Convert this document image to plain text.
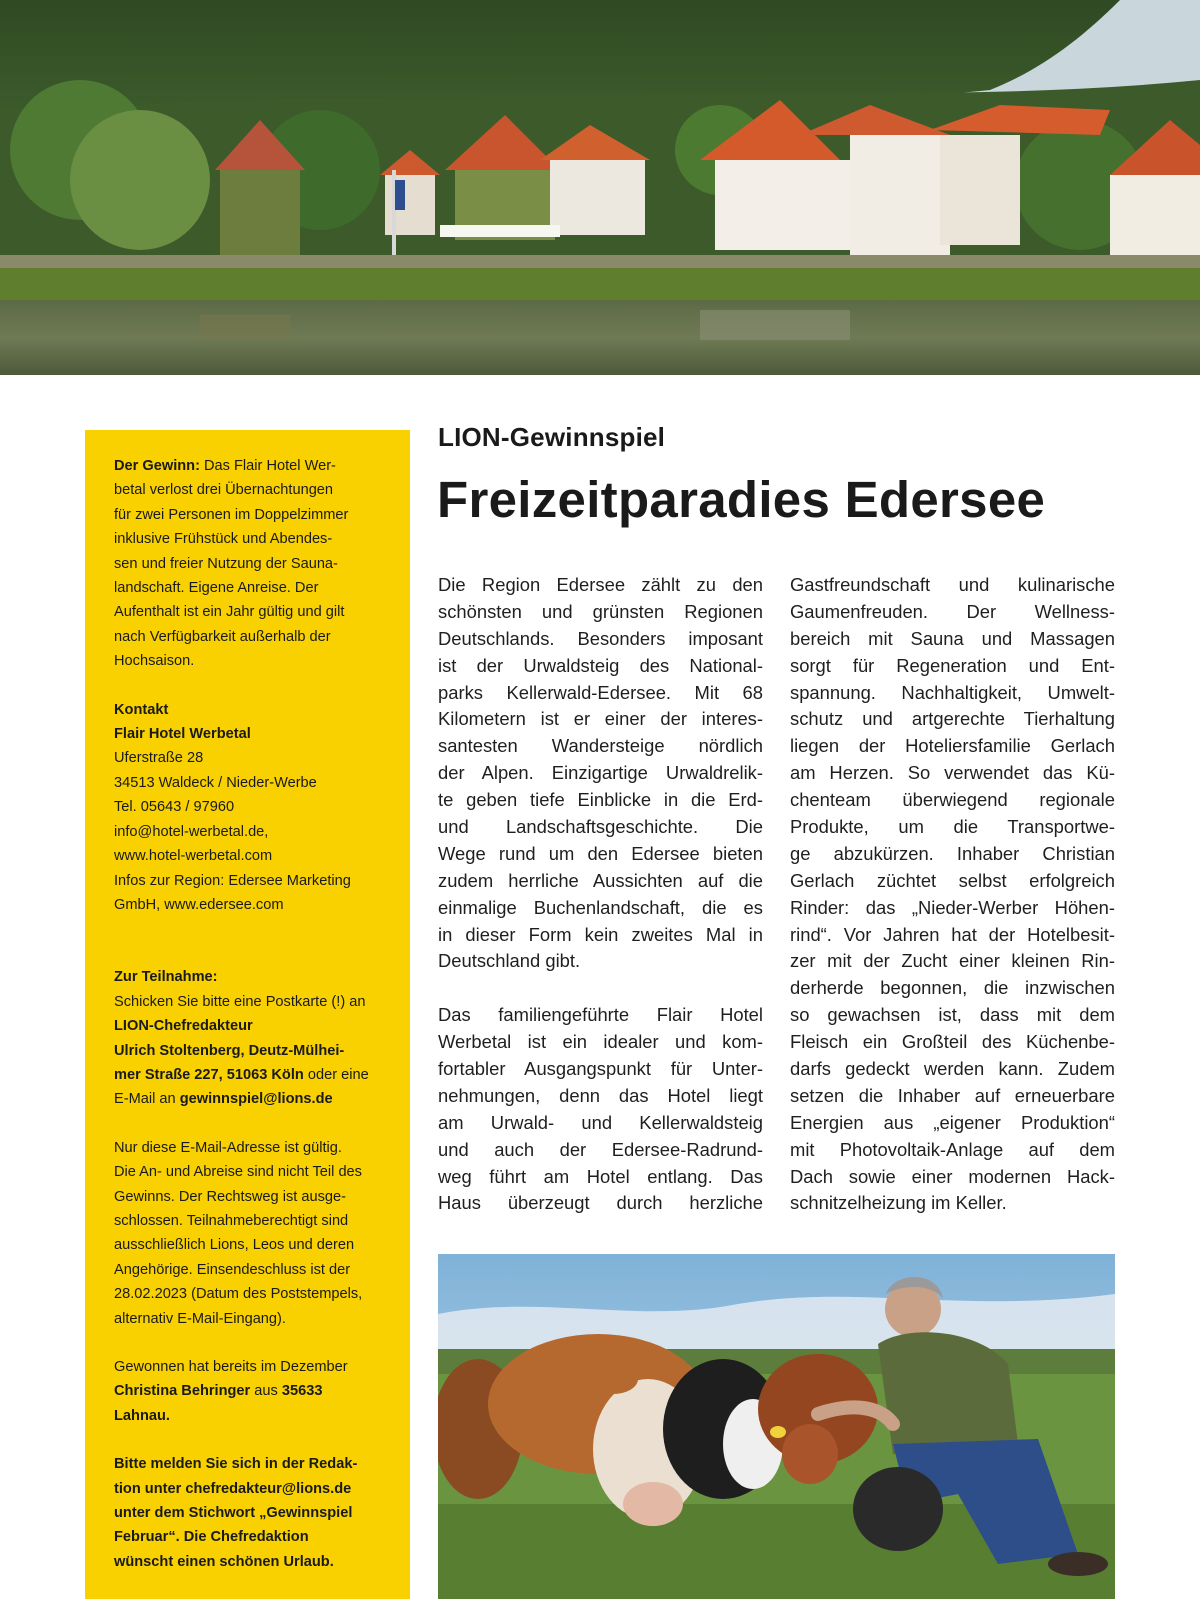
Der Gewinn: Das Flair Hotel Wer-
betal verlost drei Übernachtungen
für zwei Personen im Doppelzimmer
inklusive Frühstück und Abendes-
sen und freier Nutzung der Sauna-
landschaft. Eigene Anreise. Der
Aufenthalt ist ein Jahr gültig und gilt
nach Verfügbarkeit außerhalb der
Hochsaison.

Kontakt
Flair Hotel Werbetal
Uferstraße 28
34513 Waldeck / Nieder-Werbe
Tel. 05643 / 97960
info@hotel-werbetal.de,
www.hotel-werbetal.com
Infos zur Region: Edersee Marketing
GmbH, www.edersee.com

Zur Teilnahme:
Schicken Sie bitte eine Postkarte (!) an
LION-Chefredakteur
Ulrich Stoltenberg, Deutz-Mülhei-
mer Straße 227, 51063 Köln oder eine
E-Mail an gewinnspiel@lions.de

Nur diese E-Mail-Adresse ist gültig.
Die An- und Abreise sind nicht Teil des
Gewinns. Der Rechtsweg ist ausge-
schlossen. Teilnahmeberechtigt sind
ausschließlich Lions, Leos und deren
Angehörige. Einsendeschluss ist der
28.02.2023 (Datum des Poststempels,
alternativ E-Mail-Eingang).

Gewonnen hat bereits im Dezember
Christina Behringer aus 35633
Lahnau.

Bitte melden Sie sich in der Redak-
tion unter chefredakteur@lions.de
unter dem Stichwort „Gewinnspiel
Februar“. Die Chefredaktion
wünscht einen schönen Urlaub.

LION-Gewinnspiel
Freizeitparadies Edersee
Die Region Edersee zählt zu den
schönsten und grünsten Regionen
Deutschlands. Besonders imposant
ist der Urwaldsteig des National-
parks Kellerwald-Edersee. Mit 68
Kilometern ist er einer der interes-
santesten Wandersteige nördlich
der Alpen. Einzigartige Urwaldrelik-
te geben tiefe Einblicke in die Erd-
und Landschaftsgeschichte. Die
Wege rund um den Edersee bieten
zudem herrliche Aussichten auf die
einmalige Buchenlandschaft, die es
in dieser Form kein zweites Mal in
Deutschland gibt.
Das familiengeführte Flair Hotel
Werbetal ist ein idealer und kom-
fortabler Ausgangspunkt für Unter-
nehmungen, denn das Hotel liegt
am Urwald- und Kellerwaldsteig
und auch der Edersee-Radrund-
weg führt am Hotel entlang. Das
Haus überzeugt durch herzliche
Gastfreundschaft und kulinarische
Gaumenfreuden. Der Wellness-
bereich mit Sauna und Massagen
sorgt für Regeneration und Ent-
spannung. Nachhaltigkeit, Umwelt-
schutz und artgerechte Tierhaltung
liegen der Hoteliersfamilie Gerlach
am Herzen. So verwendet das Kü-
chenteam überwiegend regionale
Produkte, um die Transportwe-
ge abzukürzen. Inhaber Christian
Gerlach züchtet selbst erfolgreich
Rinder: das „Nieder-Werber Höhen-
rind“. Vor Jahren hat der Hotelbesit-
zer mit der Zucht einer kleinen Rin-
derherde begonnen, die inzwischen
so gewachsen ist, dass mit dem
Fleisch ein Großteil des Küchenbe-
darfs gedeckt werden kann. Zudem
setzen die Inhaber auf erneuerbare
Energien aus „eigener Produktion“
mit Photovoltaik-Anlage auf dem
Dach sowie einer modernen Hack-
schnitzelheizung im Keller.
